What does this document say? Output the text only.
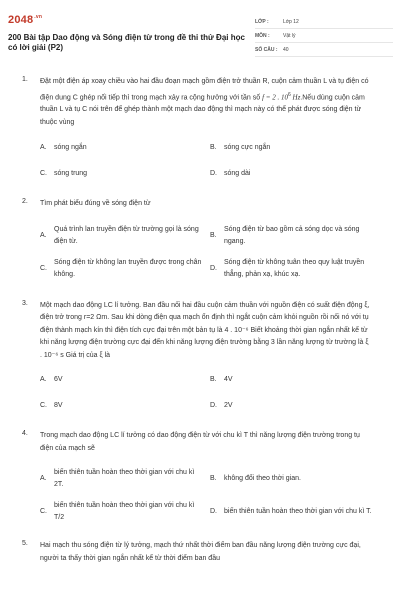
$2048^{.vn}$
200 Bài tập Dao động và Sóng điện từ trong đề thi thử Đại học có lời giải (P2)
LỚP :	Lớp 12
MÔN :	Vật lý
SỐ CÂU :	40
1. Đặt một điện áp xoay chiều vào hai đầu đoạn mạch gồm điện trở thuần R, cuộn cảm thuần L và tụ điện có điện dung C ghép nối tiếp thì trong mạch xảy ra cộng hưởng với tần số f = 2 . $10^6$ Hz.Nếu dùng cuộn cảm thuần L và tụ C nói trên để ghép thành một mạch dao động thì mạch này có thể phát được sóng điện từ thuộc vùng
A.	sóng ngắn	B.	sóng cực ngắn
C.	sóng trung	D.	sóng dài
2. Tìm phát biểu đúng về sóng điện từ
A.
Quá trình lan truyền điện từ trường gọi là sóng điện từ.
B.
Sóng điện từ bao gồm cả sóng dọc và sóng ngang.
C.
Sóng điện từ không lan truyền được trong chân không.
D.
Sóng điện từ không tuân theo quy luật truyền thẳng, phản xạ, khúc xạ.
3. Một mạch dao động LC lí tưởng. Ban đầu nối hai đầu cuộn cảm thuần với nguồn điện có suất điện động ξ, điện trở trong r=2 Ωm. Sau khi dòng điện qua mạch ổn định thì ngắt cuộn cảm khỏi nguồn rồi nối nó với tụ điện thành mạch kín thì điện tích cực đại trên một bản tụ là 4 . 10⁻⁶ Biết khoảng thời gian ngắn nhất kể từ khi năng lượng điện trường cực đại đến khi năng lượng điện trường bằng 3 lần năng lượng từ trường là ξ . 10⁻⁶ s Giá trị của ξ là
A.	6V	B.	4V
C.	8V	D.	2V
4. Trong mạch dao động LC lí tưởng có dao động điện từ với chu kì T thì năng lượng điện trường trong tụ điện của mạch sẽ
A.
biến thiên tuần hoàn theo thời gian với chu kì 2T.
B.	không đổi theo thời gian.
C.
biến thiên tuần hoàn theo thời gian với chu kì T/2
D.	biến thiên tuần hoàn theo thời gian với chu kì T.
5. Hai mạch thu sóng điện từ lý tưởng, mạch thứ nhất thời điểm ban đầu năng lượng điện trường cực đại, người ta thấy thời gian ngắn nhất kể từ thời điểm ban đầu
